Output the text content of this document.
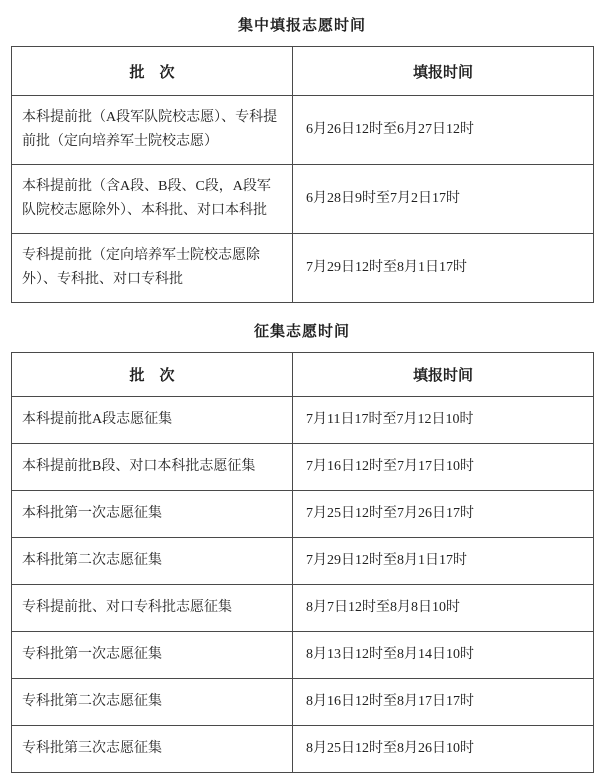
集中填报志愿时间
批　次	填报时间
本科提前批（A段军队院校志愿）、专科提前批（定向培养军士院校志愿）	6月26日12时至6月27日12时
本科提前批（含A段、B段、C段，A段军队院校志愿除外）、本科批、对口本科批	6月28日9时至7月2日17时
专科提前批（定向培养军士院校志愿除外）、专科批、对口专科批	7月29日12时至8月1日17时
征集志愿时间
批　次	填报时间
本科提前批A段志愿征集	7月11日17时至7月12日10时
本科提前批B段、对口本科批志愿征集	7月16日12时至7月17日10时
本科批第一次志愿征集	7月25日12时至7月26日17时
本科批第二次志愿征集	7月29日12时至8月1日17时
专科提前批、对口专科批志愿征集	8月7日12时至8月8日10时
专科批第一次志愿征集	8月13日12时至8月14日10时
专科批第二次志愿征集	8月16日12时至8月17日17时
专科批第三次志愿征集	8月25日12时至8月26日10时
